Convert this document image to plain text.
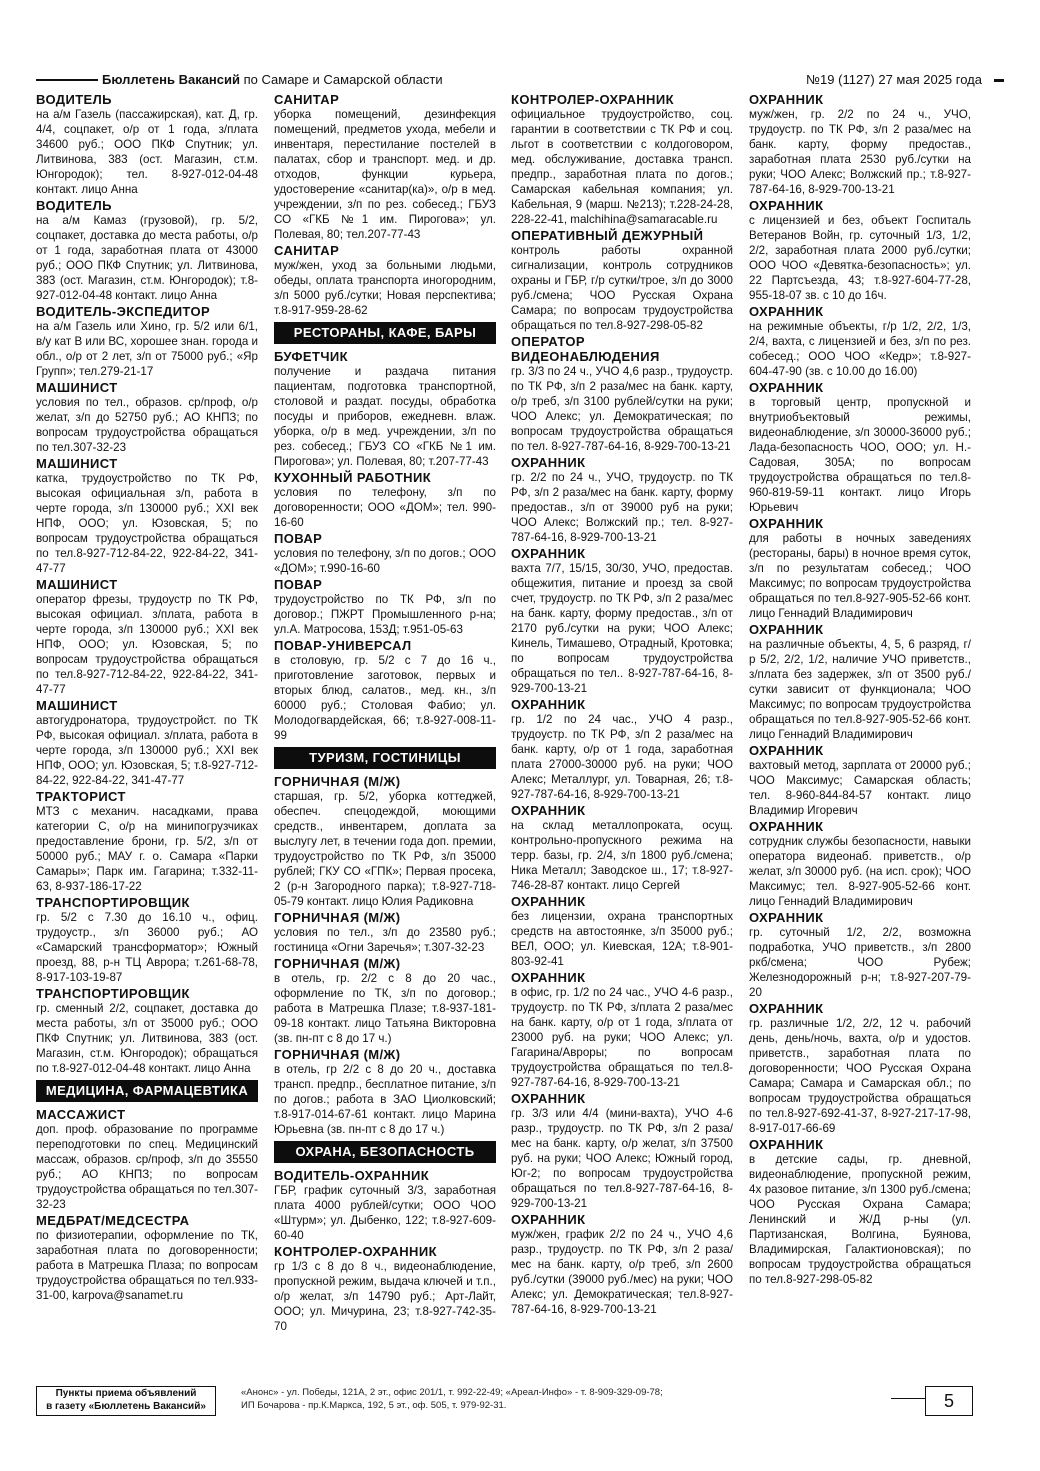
Бюллетень Вакансий по Самаре и Самарской области	№19 (1127) 27 мая 2025 года
ВОДИТЕЛЬ
на а/м Газель (пассажирская), кат. Д, гр. 4/4, соцпакет, о/р от 1 года, з/плата 34600 руб.; ООО ПКФ Спутник; ул. Литвинова, 383 (ост. Магазин, ст.м. Юнгородок); тел. 8-927-012-04-48 контакт. лицо Анна
ВОДИТЕЛЬ
на а/м Камаз (грузовой), гр. 5/2, соцпакет, доставка до места работы, о/р от 1 года, заработная плата от 43000 руб.; ООО ПКФ Спутник; ул. Литвинова, 383 (ост. Магазин, ст.м. Юнгородок); т.8-927-012-04-48 контакт. лицо Анна
ВОДИТЕЛЬ-ЭКСПЕДИТОР
на а/м Газель или Хино, гр. 5/2 или 6/1, в/у кат В или ВС, хорошее знан. города и обл., о/р от 2 лет, з/п от 75000 руб.; «Яр Групп»; тел.279-21-17
МАШИНИСТ
условия по тел., образов. ср/проф, о/р желат, з/п до 52750 руб.; АО КНПЗ; по вопросам трудоустройства обращаться по тел.307-32-23
МАШИНИСТ
катка, трудоустройство по ТК РФ, высокая официальная з/п, работа в черте города, з/п 130000 руб.; XXI век НПФ, ООО; ул. Юзовская, 5; по вопросам трудоустройства обращаться по тел.8-927-712-84-22, 922-84-22, 341-47-77
МАШИНИСТ
оператор фрезы, трудоустр по ТК РФ, высокая официал. з/плата, работа в черте города, з/п 130000 руб.; XXI век НПФ, ООО; ул. Юзовская, 5; по вопросам трудоустройства обращаться по тел.8-927-712-84-22, 922-84-22, 341-47-77
МАШИНИСТ
автогудронатора, трудоустройст. по ТК РФ, высокая официал. з/плата, работа в черте города, з/п 130000 руб.; XXI век НПФ, ООО; ул. Юзовская, 5; т.8-927-712-84-22, 922-84-22, 341-47-77
ТРАКТОРИСТ
МТЗ с механич. насадками, права категории С, о/р на минипогрузчиках предоставление брони, гр. 5/2, з/п от 50000 руб.; МАУ г. о. Самара «Парки Самары»; Парк им. Гагарина; т.332-11-63, 8-937-186-17-22
ТРАНСПОРТИРОВЩИК
гр. 5/2 с 7.30 до 16.10 ч., офиц. трудоустр., з/п 36000 руб.; АО «Самарский трансформатор»; Южный проезд, 88, р-н ТЦ Аврора; т.261-68-78, 8-917-103-19-87
ТРАНСПОРТИРОВЩИК
гр. сменный 2/2, соцпакет, доставка до места работы, з/п от 35000 руб.; ООО ПКФ Спутник; ул. Литвинова, 383 (ост. Магазин, ст.м. Юнгородок); обращаться по т.8-927-012-04-48 контакт. лицо Анна
МЕДИЦИНА, ФАРМАЦЕВТИКА
МАССАЖИСТ
доп. проф. образование по программе переподготовки по спец. Медицинский массаж, образов. ср/проф, з/п до 35550 руб.; АО КНПЗ; по вопросам трудоустройства обращаться по тел.307-32-23
МЕДБРАТ/МЕДСЕСТРА
по физиотерапии, оформление по ТК, заработная плата по договоренности; работа в Матрешка Плаза; по вопросам трудоустройства обращаться по тел.933-31-00, karpova@sanamet.ru
САНИТАР
уборка помещений, дезинфекция помещений, предметов ухода, мебели и инвентаря, перестилание постелей в палатах, сбор и транспорт. мед. и др. отходов, функции курьера, удостоверение «санитар(ка)», о/р в мед. учреждении, з/п по рез. собесед.; ГБУЗ СО «ГКБ №1 им. Пирогова»; ул. Полевая, 80; тел.207-77-43
САНИТАР
муж/жен, уход за больными людьми, обеды, оплата транспорта иногородним, з/п 5000 руб./сутки; Новая перспектива; т.8-917-959-28-62
РЕСТОРАНЫ, КАФЕ, БАРЫ
БУФЕТЧИК
получение и раздача питания пациентам, подготовка транспортной, столовой и раздат. посуды, обработка посуды и приборов, ежедневн. влаж. уборка, о/р в мед. учреждении, з/п по рез. собесед.; ГБУЗ СО «ГКБ №1 им. Пирогова»; ул. Полевая, 80; т.207-77-43
КУХОННЫЙ РАБОТНИК
условия по телефону, з/п по договоренности; ООО «ДОМ»; тел. 990-16-60
ПОВАР
условия по телефону, з/п по догов.; ООО «ДОМ»; т.990-16-60
ПОВАР
трудоустройство по ТК РФ, з/п по договор.; ПЖРТ Промышленного р-на; ул.А. Матросова, 153Д; т.951-05-63
ПОВАР-УНИВЕРСАЛ
в столовую, гр. 5/2 с 7 до 16 ч., приготовление заготовок, первых и вторых блюд, салатов., мед. кн., з/п 60000 руб.; Столовая Фабио; ул. Молодогвардейская, 66; т.8-927-008-11-99
ТУРИЗМ, ГОСТИНИЦЫ
ГОРНИЧНАЯ (М/Ж)
старшая, гр. 5/2, уборка коттеджей, обеспеч. спецодеждой, моющими средств., инвентарем, доплата за выслугу лет, в течении года доп. премии, трудоустройство по ТК РФ, з/п 35000 рублей; ГКУ СО «ГПК»; Первая просека, 2 (р-н Загородного парка); т.8-927-718-05-79 контакт. лицо Юлия Радиковна
ГОРНИЧНАЯ (М/Ж)
условия по тел., з/п до 23580 руб.; гостиница «Огни Заречья»; т.307-32-23
ГОРНИЧНАЯ (М/Ж)
в отель, гр. 2/2 с 8 до 20 час., оформление по ТК, з/п по договор.; работа в Матрешка Плазе; т.8-937-181-09-18 контакт. лицо Татьяна Викторовна (зв. пн-пт с 8 до 17 ч.)
ГОРНИЧНАЯ (М/Ж)
в отель, гр 2/2 с 8 до 20 ч., доставка трансп. предпр., бесплатное питание, з/п по догов.; работа в ЗАО Циолковский; т.8-917-014-67-61 контакт. лицо Марина Юрьевна (зв. пн-пт с 8 до 17 ч.)
ОХРАНА, БЕЗОПАСНОСТЬ
ВОДИТЕЛЬ-ОХРАННИК
ГБР, график суточный 3/3, заработная плата 4000 рублей/сутки; ООО ЧОО «Штурм»; ул. Дыбенко, 122; т.8-927-609-60-40
КОНТРОЛЕР-ОХРАННИК
гр 1/3 с 8 до 8 ч., видеонаблюдение, пропускной режим, выдача ключей и т.п., о/р желат, з/п 14790 руб.; Арт-Лайт, ООО; ул. Мичурина, 23; т.8-927-742-35-70
КОНТРОЛЕР-ОХРАННИК
официальное трудоустройство, соц. гарантии в соответствии с ТК РФ и соц. льгот в соответствии с колдоговором, мед. обслуживание, доставка трансп. предпр., заработная плата по догов.; Самарская кабельная компания; ул. Кабельная, 9 (марш. №213); т.228-24-28, 228-22-41, malchihina@samaracable.ru
ОПЕРАТИВНЫЙ ДЕЖУРНЫЙ
контроль работы охранной сигнализации, контроль сотрудников охраны и ГБР, г/р сутки/трое, з/п до 3000 руб./смена; ЧОО Русская Охрана Самара; по вопросам трудоустройства обращаться по тел.8-927-298-05-82
ОПЕРАТОР ВИДЕОНАБЛЮДЕНИЯ
гр. 3/3 по 24 ч., УЧО 4,6 разр., трудоустр. по ТК РФ, з/п 2 раза/мес на банк. карту, о/р треб, з/п 3100 рублей/сутки на руки; ЧОО Алекс; ул. Демократическая; по вопросам трудоустройства обращаться по тел. 8-927-787-64-16, 8-929-700-13-21
ОХРАННИК
гр. 2/2 по 24 ч., УЧО, трудоустр. по ТК РФ, з/п 2 раза/мес на банк. карту, форму предостав., з/п от 39000 руб на руки; ЧОО Алекс; Волжский пр.; тел. 8-927-787-64-16, 8-929-700-13-21
ОХРАННИК
вахта 7/7, 15/15, 30/30, УЧО, предостав. общежития, питание и проезд за свой счет, трудоустр. по ТК РФ, з/п 2 раза/мес на банк. карту, форму предостав., з/п от 2170 руб./сутки на руки; ЧОО Алекс; Кинель, Тимашево, Отрадный, Кротовка; по вопросам трудоустройства обращаться по тел.. 8-927-787-64-16, 8-929-700-13-21
ОХРАННИК
гр. 1/2 по 24 час., УЧО 4 разр., трудоустр. по ТК РФ, з/п 2 раза/мес на банк. карту, о/р от 1 года, заработная плата 27000-30000 руб. на руки; ЧОО Алекс; Металлург, ул. Товарная, 26; т.8-927-787-64-16, 8-929-700-13-21
ОХРАННИК
на склад металлопроката, осущ. контрольно-пропускного режима на терр. базы, гр. 2/4, з/п 1800 руб./смена; Ника Металл; Заводское ш., 17; т.8-927-746-28-87 контакт. лицо Сергей
ОХРАННИК
без лицензии, охрана транспортных средств на автостоянке, з/п 35000 руб.; ВЕЛ, ООО; ул. Киевская, 12А; т.8-901-803-92-41
ОХРАННИК
в офис, гр. 1/2 по 24 час., УЧО 4-6 разр., трудоустр. по ТК РФ, з/плата 2 раза/мес на банк. карту, о/р от 1 года, з/плата от 23000 руб. на руки; ЧОО Алекс; ул. Гагарина/Авроры; по вопросам трудоустройства обращаться по тел.8-927-787-64-16, 8-929-700-13-21
ОХРАННИК
гр. 3/3 или 4/4 (мини-вахта), УЧО 4-6 разр., трудоустр. по ТК РФ, з/п 2 раза/мес на банк. карту, о/р желат, з/п 37500 руб. на руки; ЧОО Алекс; Южный город, Юг-2; по вопросам трудоустройства обращаться по тел.8-927-787-64-16, 8-929-700-13-21
ОХРАННИК
муж/жен, график 2/2 по 24 ч., УЧО 4,6 разр., трудоустр. по ТК РФ, з/п 2 раза/мес на банк. карту, о/р треб, з/п 2600 руб./сутки (39000 руб./мес) на руки; ЧОО Алекс; ул. Демократическая; тел.8-927-787-64-16, 8-929-700-13-21
ОХРАННИК
муж/жен, гр. 2/2 по 24 ч., УЧО, трудоустр. по ТК РФ, з/п 2 раза/мес на банк. карту, форму предостав., заработная плата 2530 руб./сутки на руки; ЧОО Алекс; Волжский пр.; т.8-927-787-64-16, 8-929-700-13-21
ОХРАННИК
с лицензией и без, объект Госпиталь Ветеранов Войн, гр. суточный 1/3, 1/2, 2/2, заработная плата 2000 руб./сутки; ООО ЧОО «Девятка-безопасность»; ул. 22 Партсъезда, 43; т.8-927-604-77-28, 955-18-07 зв. с 10 до 16ч.
ОХРАННИК
на режимные объекты, г/р 1/2, 2/2, 1/3, 2/4, вахта, с лицензией и без, з/п по рез. собесед.; ООО ЧОО «Кедр»; т.8-927-604-47-90 (зв. с 10.00 до 16.00)
ОХРАННИК
в торговый центр, пропускной и внутриобъектовый режимы, видеонаблюдение, з/п 30000-36000 руб.; Лада-безопасность ЧОО, ООО; ул. Н.-Садовая, 305А; по вопросам трудоустройства обращаться по тел.8-960-819-59-11 контакт. лицо Игорь Юрьевич
ОХРАННИК
для работы в ночных заведениях (рестораны, бары) в ночное время суток, з/п по результатам собесед.; ЧОО Максимус; по вопросам трудоустройства обращаться по тел.8-927-905-52-66 конт. лицо Геннадий Владимирович
ОХРАННИК
на различные объекты, 4, 5, 6 разряд, г/р 5/2, 2/2, 1/2, наличие УЧО приветств., з/плата без задержек, з/п от 3500 руб./сутки зависит от функционала; ЧОО Максимус; по вопросам трудоустройства обращаться по тел.8-927-905-52-66 конт. лицо Геннадий Владимирович
ОХРАННИК
вахтовый метод, зарплата от 20000 руб.; ЧОО Максимус; Самарская область; тел. 8-960-844-84-57 контакт. лицо Владимир Игоревич
ОХРАННИК
сотрудник службы безопасности, навыки оператора видеонаб. приветств., о/р желат, з/п 30000 руб. (на исп. срок); ЧОО Максимус; тел. 8-927-905-52-66 конт. лицо Геннадий Владимирович
ОХРАННИК
гр. суточный 1/2, 2/2, возможна подработка, УЧО приветств., з/п 2800 ркб/смена; ЧОО Рубеж; Железнодорожный р-н; т.8-927-207-79-20
ОХРАННИК
гр. различные 1/2, 2/2, 12 ч. рабочий день, день/ночь, вахта, о/р и удостов. приветств., заработная плата по договоренности; ЧОО Русская Охрана Самара; Самара и Самарская обл.; по вопросам трудоустройства обращаться по тел.8-927-692-41-37, 8-927-217-17-98, 8-917-017-66-69
ОХРАННИК
в детские сады, гр. дневной, видеонаблюдение, пропускной режим, 4х разовое питание, з/п 1300 руб./смена; ЧОО Русская Охрана Самара; Ленинский и Ж/Д р-ны (ул. Партизанская, Волгина, Буянова, Владимирская, Галактионовская); по вопросам трудоустройства обращаться по тел.8-927-298-05-82
Пункты приема объявлений
в газету «Бюллетень Вакансий»
«Анонс» - ул. Победы, 121А, 2 эт., офис 201/1, т. 992-22-49; «Ареал-Инфо» - т. 8-909-329-09-78;
ИП Бочарова - пр.К.Маркса, 192, 5 эт., оф. 505, т. 979-92-31.	5
